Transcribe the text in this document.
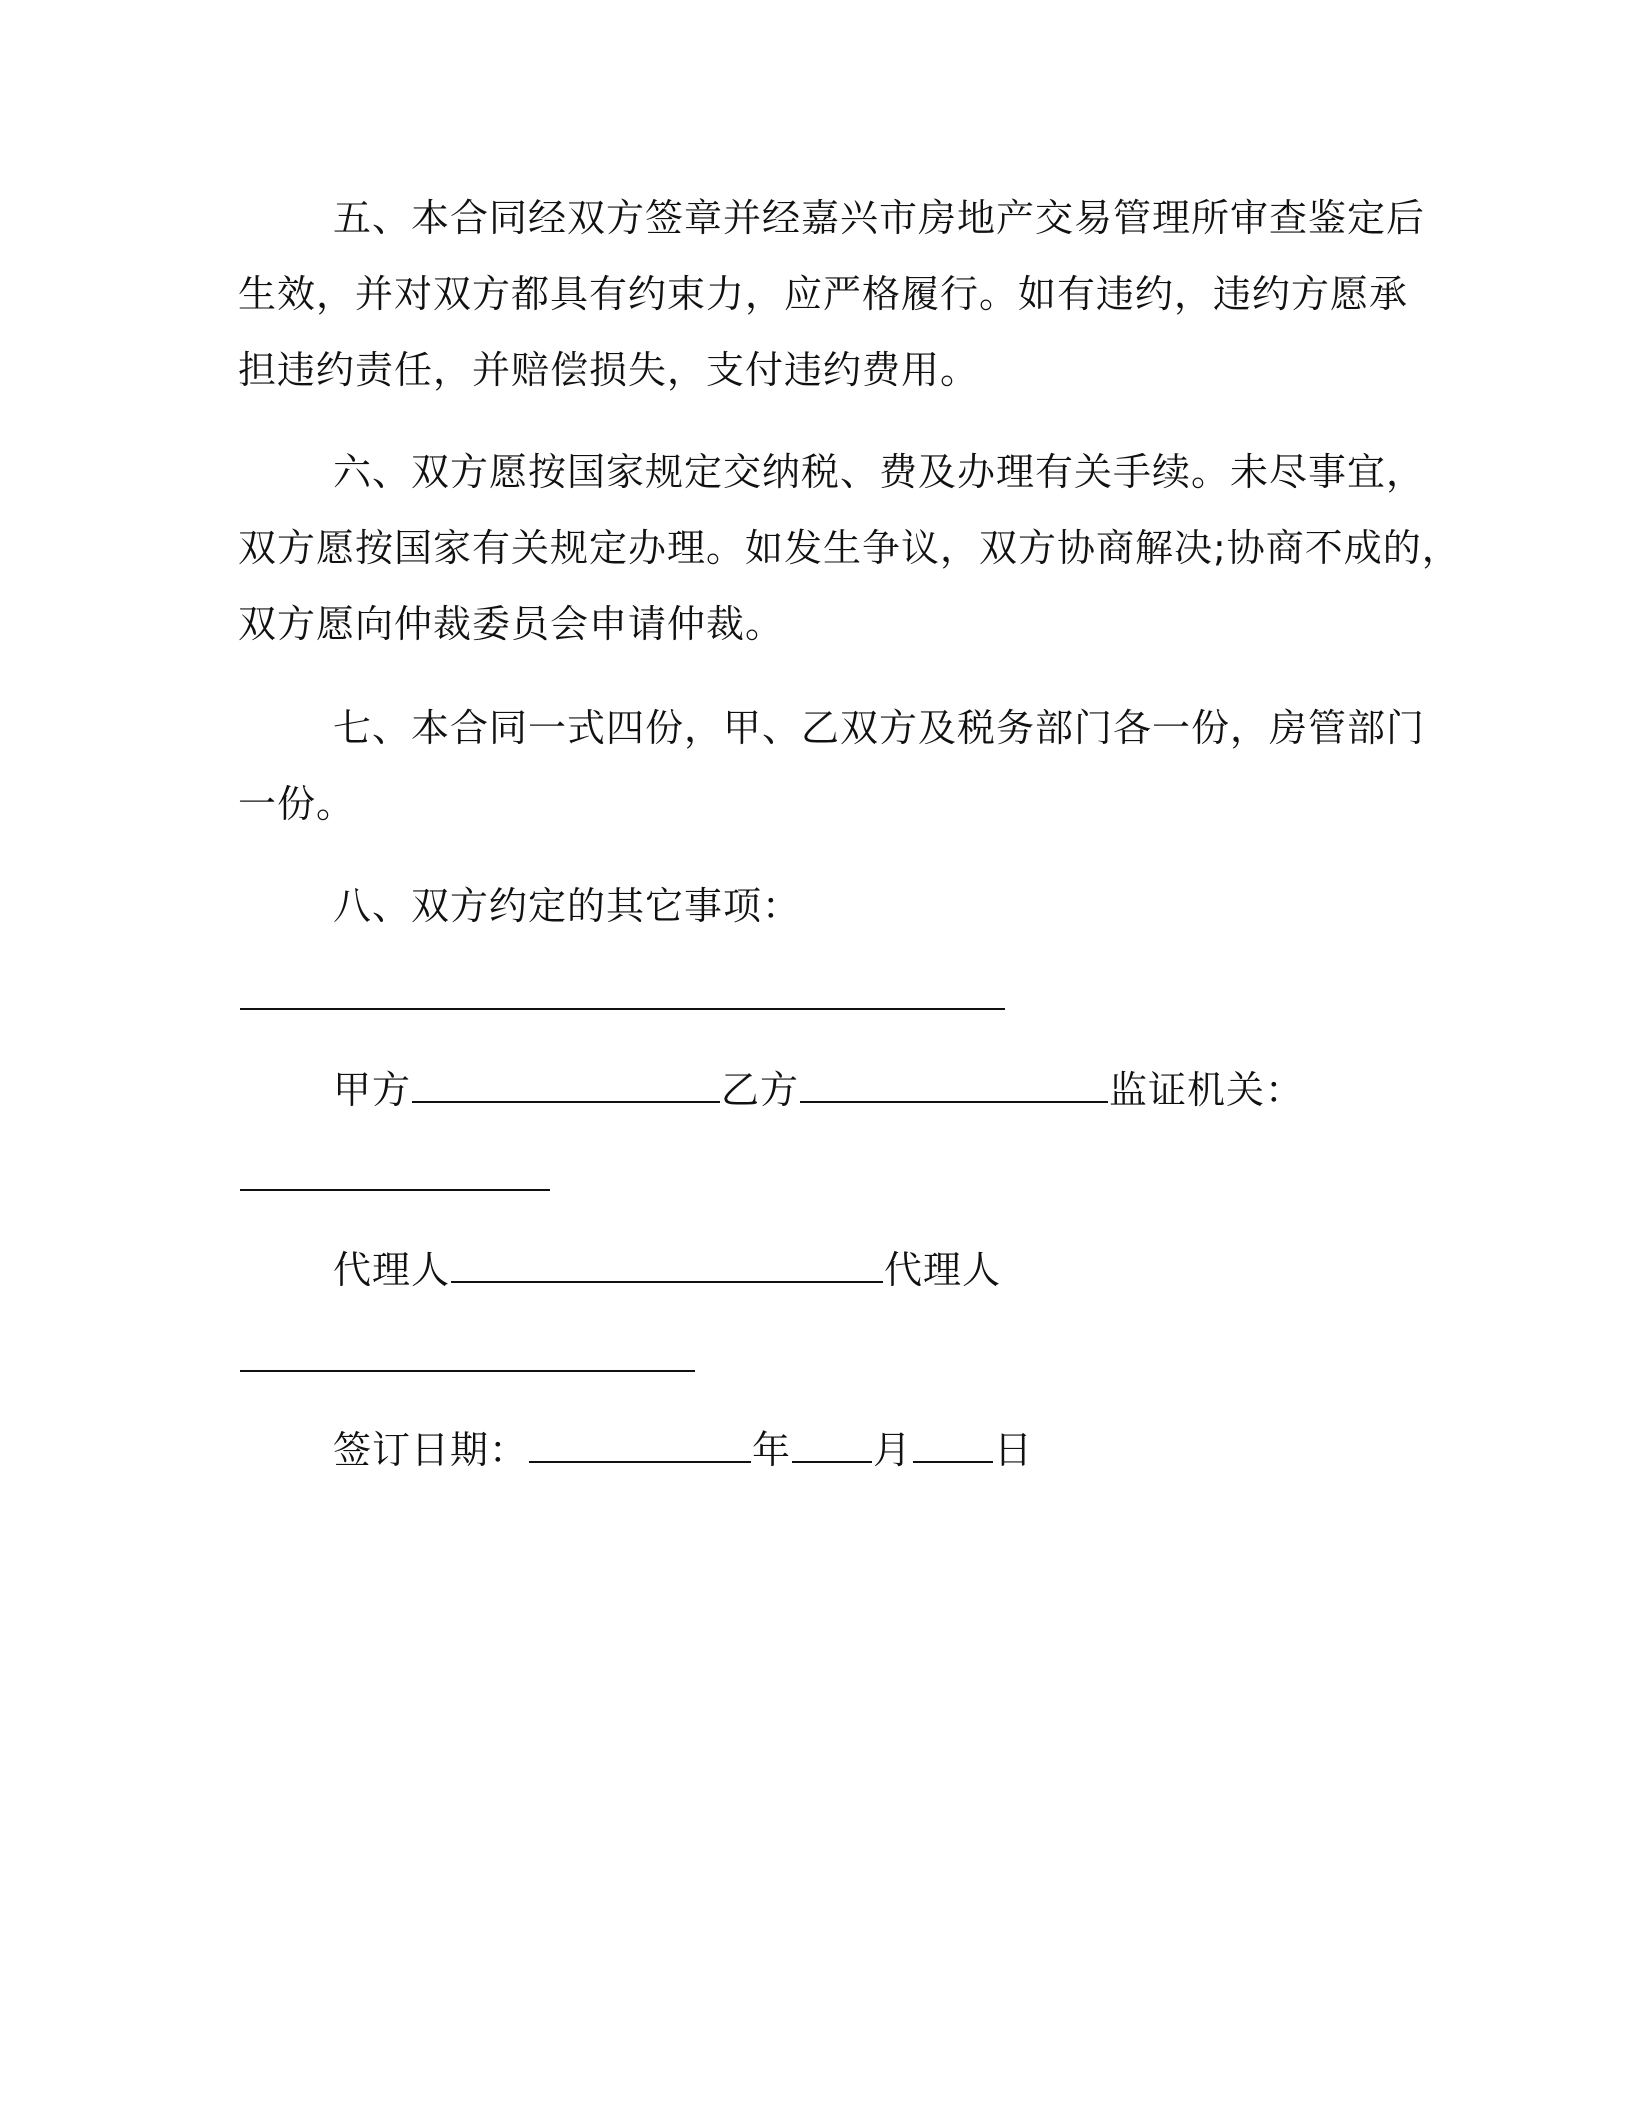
五、本合同经双方签章并经嘉兴市房地产交易管理所审查鉴定后
生效，并对双方都具有约束力，应严格履行。如有违约，违约方愿承
担违约责任，并赔偿损失，支付违约费用。
六、双方愿按国家规定交纳税、费及办理有关手续。未尽事宜，
双方愿按国家有关规定办理。如发生争议，双方协商解决;协商不成的，
双方愿向仲裁委员会申请仲裁。
七、本合同一式四份，甲、乙双方及税务部门各一份，房管部门
一份。
八、双方约定的其它事项：
甲方	乙方	监证机关：
代理人	代理人
签订日期：	年 月 日
